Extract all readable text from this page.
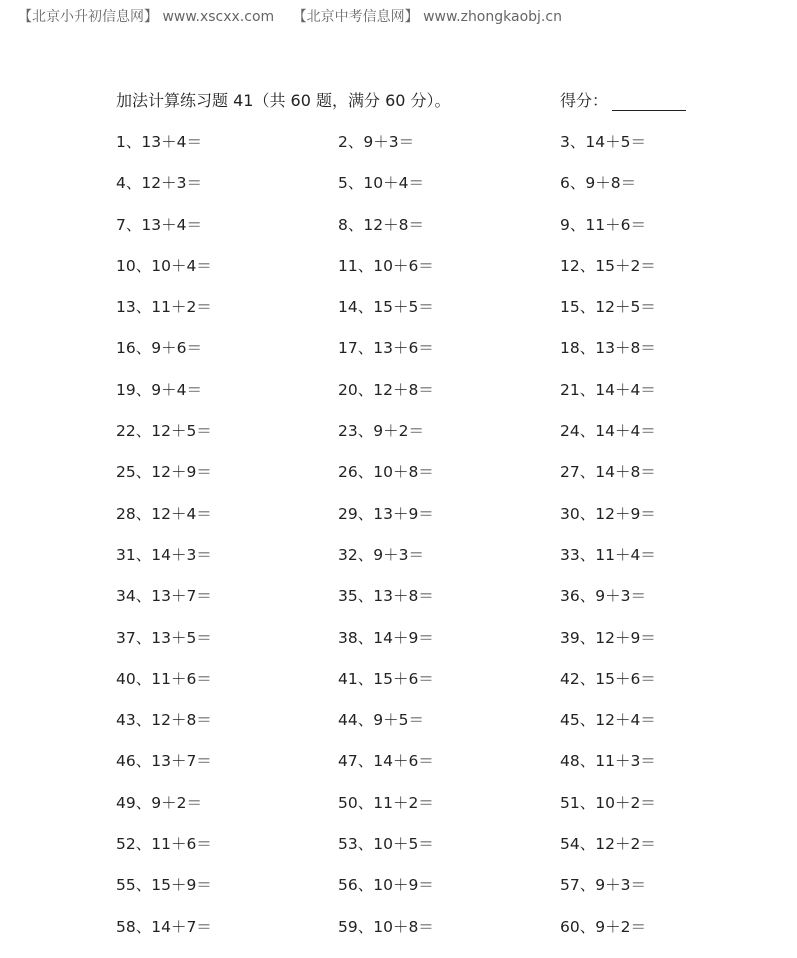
【北京小升初信息网】 www.xscxx.com 【北京中考信息网】 www.zhongkaobj.cn
加法计算练习题 41（共 60 题，满分 60 分）。	得分：
1、13＋4＝	2、9＋3＝	3、14＋5＝
4、12＋3＝	5、10＋4＝	6、9＋8＝
7、13＋4＝	8、12＋8＝	9、11＋6＝
10、10＋4＝	11、10＋6＝	12、15＋2＝
13、11＋2＝	14、15＋5＝	15、12＋5＝
16、9＋6＝	17、13＋6＝	18、13＋8＝
19、9＋4＝	20、12＋8＝	21、14＋4＝
22、12＋5＝	23、9＋2＝	24、14＋4＝
25、12＋9＝	26、10＋8＝	27、14＋8＝
28、12＋4＝	29、13＋9＝	30、12＋9＝
31、14＋3＝	32、9＋3＝	33、11＋4＝
34、13＋7＝	35、13＋8＝	36、9＋3＝
37、13＋5＝	38、14＋9＝	39、12＋9＝
40、11＋6＝	41、15＋6＝	42、15＋6＝
43、12＋8＝	44、9＋5＝	45、12＋4＝
46、13＋7＝	47、14＋6＝	48、11＋3＝
49、9＋2＝	50、11＋2＝	51、10＋2＝
52、11＋6＝	53、10＋5＝	54、12＋2＝
55、15＋9＝	56、10＋9＝	57、9＋3＝
58、14＋7＝	59、10＋8＝	60、9＋2＝
